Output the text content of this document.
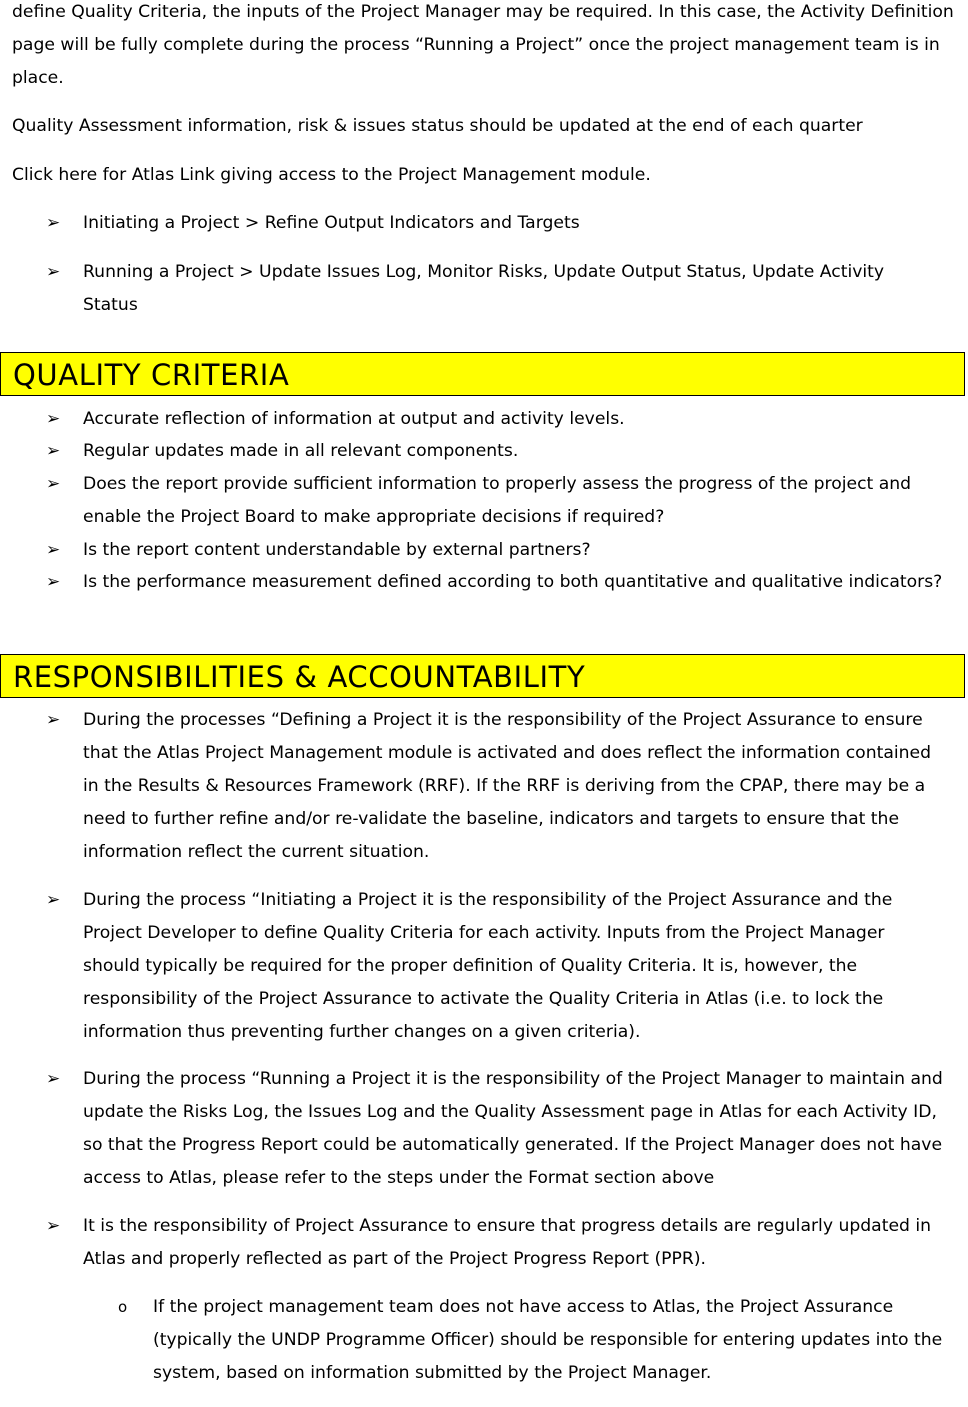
define Quality Criteria, the inputs of the Project Manager may be required. In this case, the Activity Definition page will be fully complete during the process “Running a Project” once the project management team is in place.

Quality Assessment information, risk & issues status should be updated at the end of each quarter

Click here for Atlas Link giving access to the Project Management module.

➢ Initiating a Project > Refine Output Indicators and Targets
➢ Running a Project > Update Issues Log, Monitor Risks, Update Output Status, Update Activity Status
QUALITY CRITERIA
➢ Accurate reflection of information at output and activity levels.
➢ Regular updates made in all relevant components.
➢ Does the report provide sufficient information to properly assess the progress of the project and enable the Project Board to make appropriate decisions if required?
➢ Is the report content understandable by external partners?
➢ Is the performance measurement defined according to both quantitative and qualitative indicators?
RESPONSIBILITIES & ACCOUNTABILITY
➢ During the processes “Defining a Project it is the responsibility of the Project Assurance to ensure that the Atlas Project Management module is activated and does reflect the information contained in the Results & Resources Framework (RRF). If the RRF is deriving from the CPAP, there may be a need to further refine and/or re-validate the baseline, indicators and targets to ensure that the information reflect the current situation.
➢ During the process “Initiating a Project it is the responsibility of the Project Assurance and the Project Developer to define Quality Criteria for each activity. Inputs from the Project Manager should typically be required for the proper definition of Quality Criteria. It is, however, the responsibility of the Project Assurance to activate the Quality Criteria in Atlas (i.e. to lock the information thus preventing further changes on a given criteria).
➢ During the process “Running a Project it is the responsibility of the Project Manager to maintain and update the Risks Log, the Issues Log and the Quality Assessment page in Atlas for each Activity ID, so that the Progress Report could be automatically generated. If the Project Manager does not have access to Atlas, please refer to the steps under the Format section above
➢ It is the responsibility of Project Assurance to ensure that progress details are regularly updated in Atlas and properly reflected as part of the Project Progress Report (PPR).
o If the project management team does not have access to Atlas, the Project Assurance (typically the UNDP Programme Officer) should be responsible for entering updates into the system, based on information submitted by the Project Manager.
